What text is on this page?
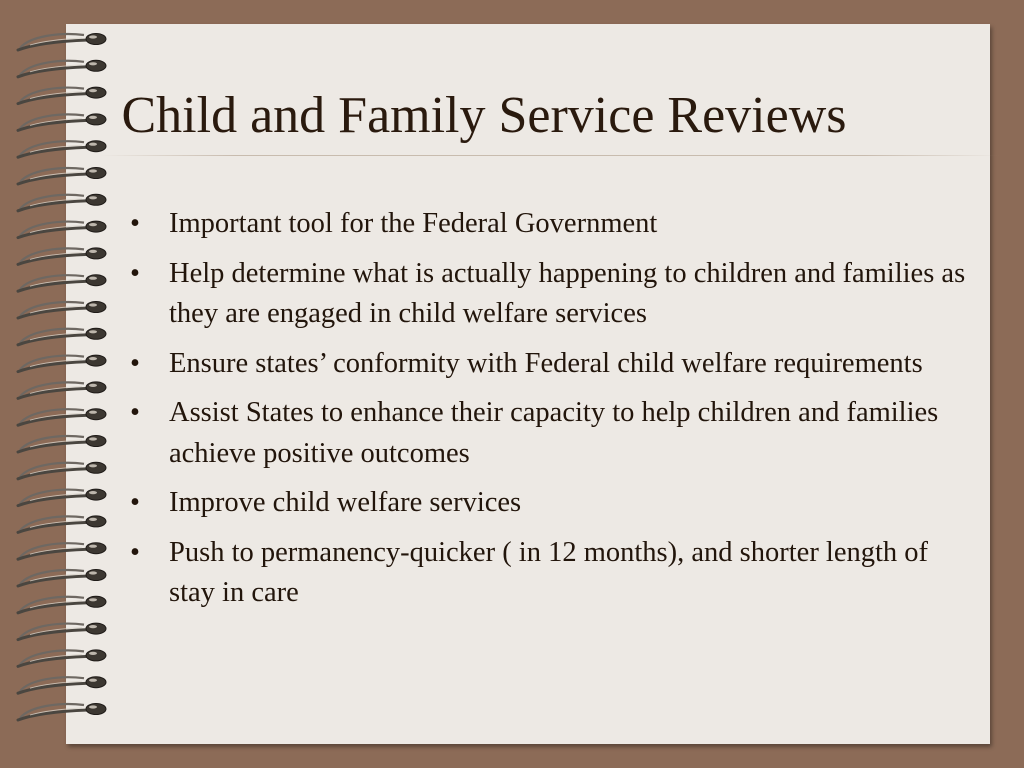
Child and Family Service Reviews
•	Important tool for the Federal Government
•	Help determine what is actually happening to children and families as they are engaged in child welfare services
•	Ensure states’ conformity with Federal child welfare requirements
•	Assist States to enhance their capacity to help children and families achieve positive outcomes
•	Improve child welfare services
•	Push to permanency-quicker ( in 12 months), and shorter length of stay in care
